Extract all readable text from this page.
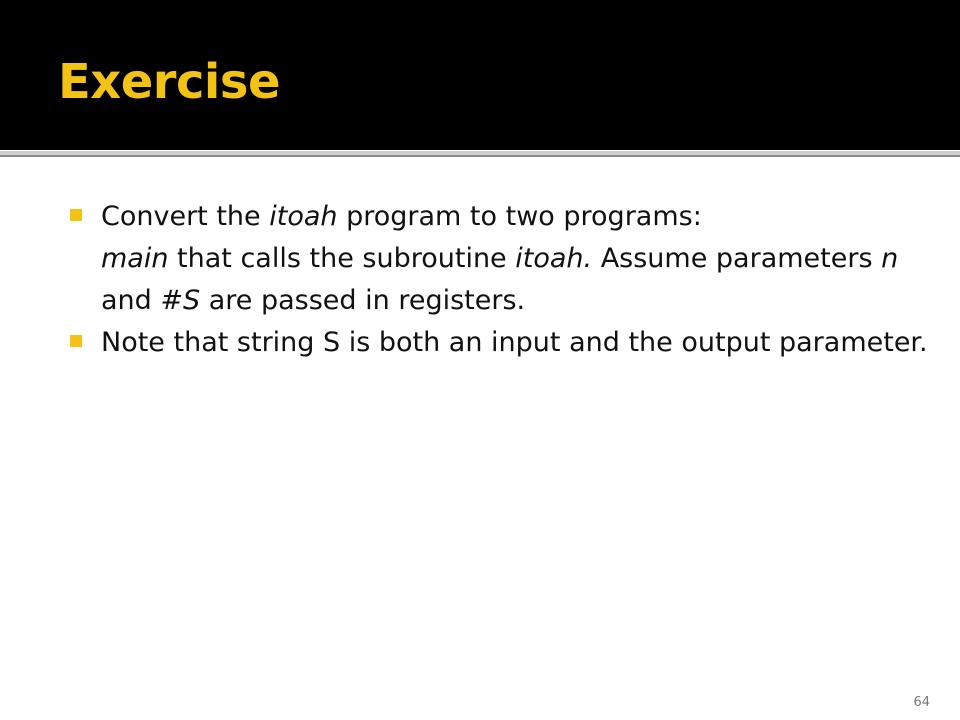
Exercise
Convert the itoah program to two programs:
main that calls the subroutine itoah. Assume parameters n and #S are passed in registers.
Note that string S is both an input and the output parameter.
64
